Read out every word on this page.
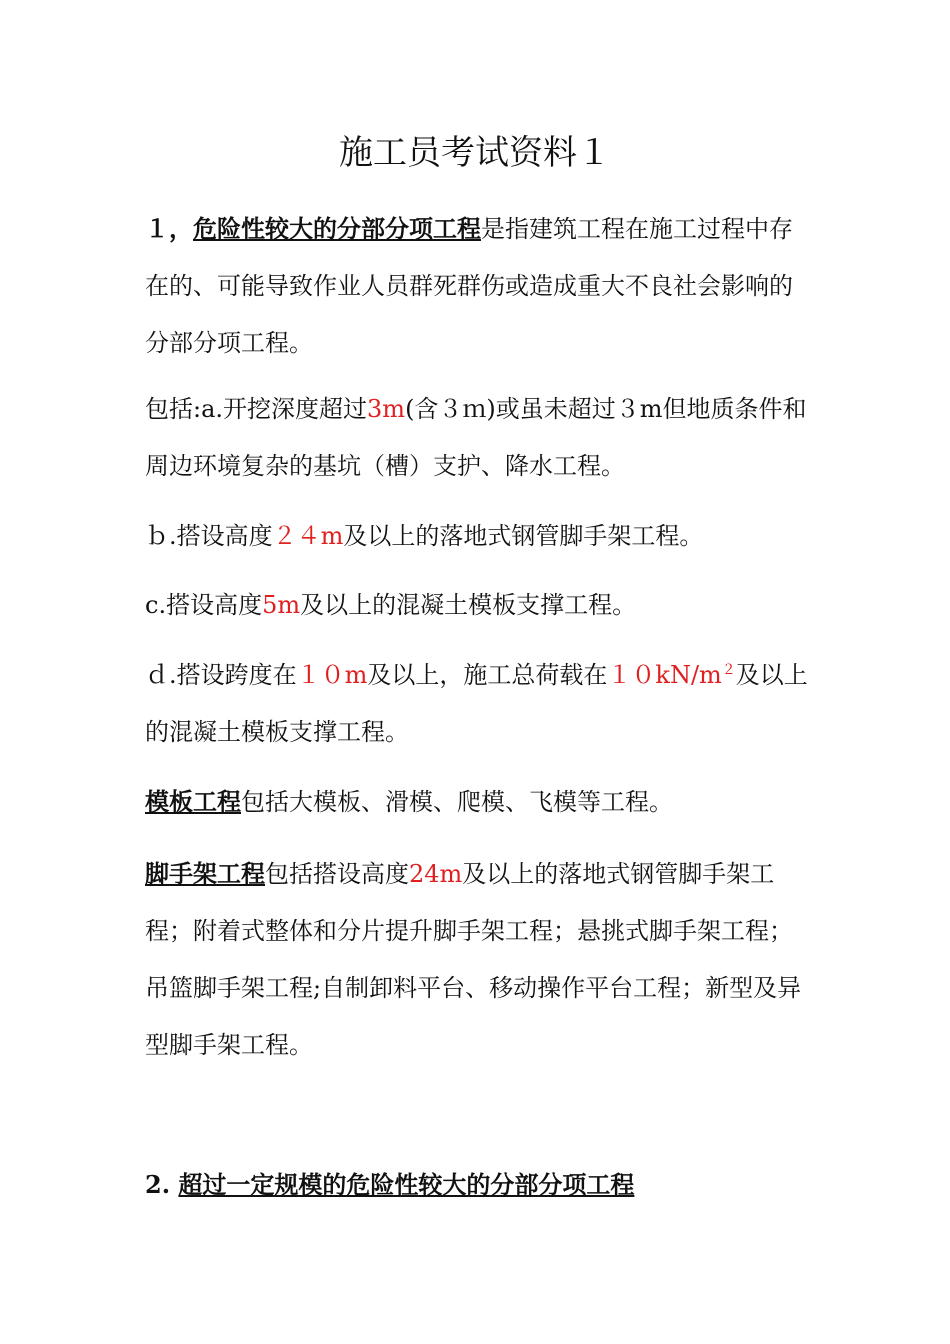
施工员考试资料１
１，危险性较大的分部分项工程是指建筑工程在施工过程中存在的、可能导致作业人员群死群伤或造成重大不良社会影响的分部分项工程。
包括:a.开挖深度超过3m(含３ｍ)或虽未超过３m但地质条件和周边环境复杂的基坑（槽）支护、降水工程。
ｂ.搭设高度２４m及以上的落地式钢管脚手架工程。
c.搭设高度5m及以上的混凝土模板支撑工程。
ｄ.搭设跨度在１０m及以上，施工总荷载在$10kN/m^2$及以上的混凝土模板支撑工程。
模板工程包括大模板、滑模、爬模、飞模等工程。
脚手架工程包括搭设高度24m及以上的落地式钢管脚手架工程；附着式整体和分片提升脚手架工程；悬挑式脚手架工程；吊篮脚手架工程;自制卸料平台、移动操作平台工程；新型及异型脚手架工程。
2. 超过一定规模的危险性较大的分部分项工程
